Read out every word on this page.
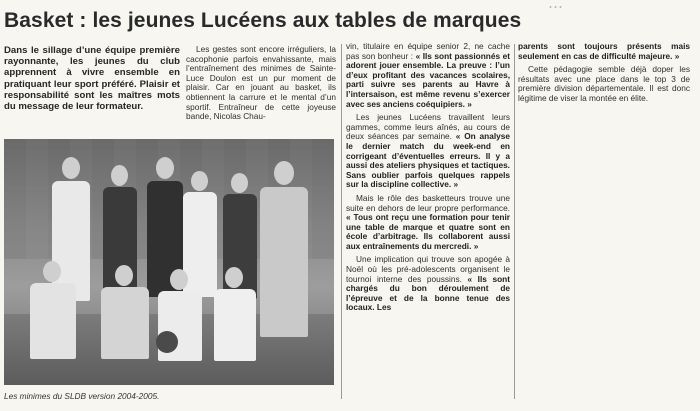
…
Basket : les jeunes Lucéens aux tables de marques

Dans le sillage d’une équipe première rayonnante, les jeunes du club apprennent à vivre ensemble en pratiquant leur sport préféré. Plaisir et responsabilité sont les maîtres mots du message de leur formateur.

Les gestes sont encore irréguliers, la cacophonie parfois envahissante, mais l’entraînement des minimes de Sainte-Luce Doulon est un pur moment de plaisir. Car en jouant au basket, ils obtiennent la carrure et le mental d’un sportif. Entraîneur de cette joyeuse bande, Nicolas Chau-

vin, titulaire en équipe senior 2, ne cache pas son bonheur : « Ils sont passionnés et adorent jouer ensemble. La preuve : l’un d’eux profitant des vacances scolaires, parti suivre ses parents au Havre à l’intersaison, est même revenu s’exercer avec ses anciens coéquipiers. »

Les jeunes Lucéens travaillent leurs gammes, comme leurs aînés, au cours de deux séances par semaine. « On analyse le dernier match du week-end en corrigeant d’éventuelles erreurs. Il y a aussi des ateliers physiques et tactiques. Sans oublier parfois quelques rappels sur la discipline collective. »

Mais le rôle des basketteurs trouve une suite en dehors de leur propre performance. « Tous ont reçu une formation pour tenir une table de marque et quatre sont en école d’arbitrage. Ils collaborent aussi aux entraînements du mercredi. »

Une implication qui trouve son apogée à Noël où les pré-adolescents organisent le tournoi interne des poussins. « Ils sont chargés du bon déroulement de l’épreuve et de la bonne tenue des locaux. Les

parents sont toujours présents mais seulement en cas de difficulté majeure. »

Cette pédagogie semble déjà doper les résultats avec une place dans le top 3 de première division départementale. Il est donc légitime de viser la montée en élite.

Les minimes du SLDB version 2004-2005.
